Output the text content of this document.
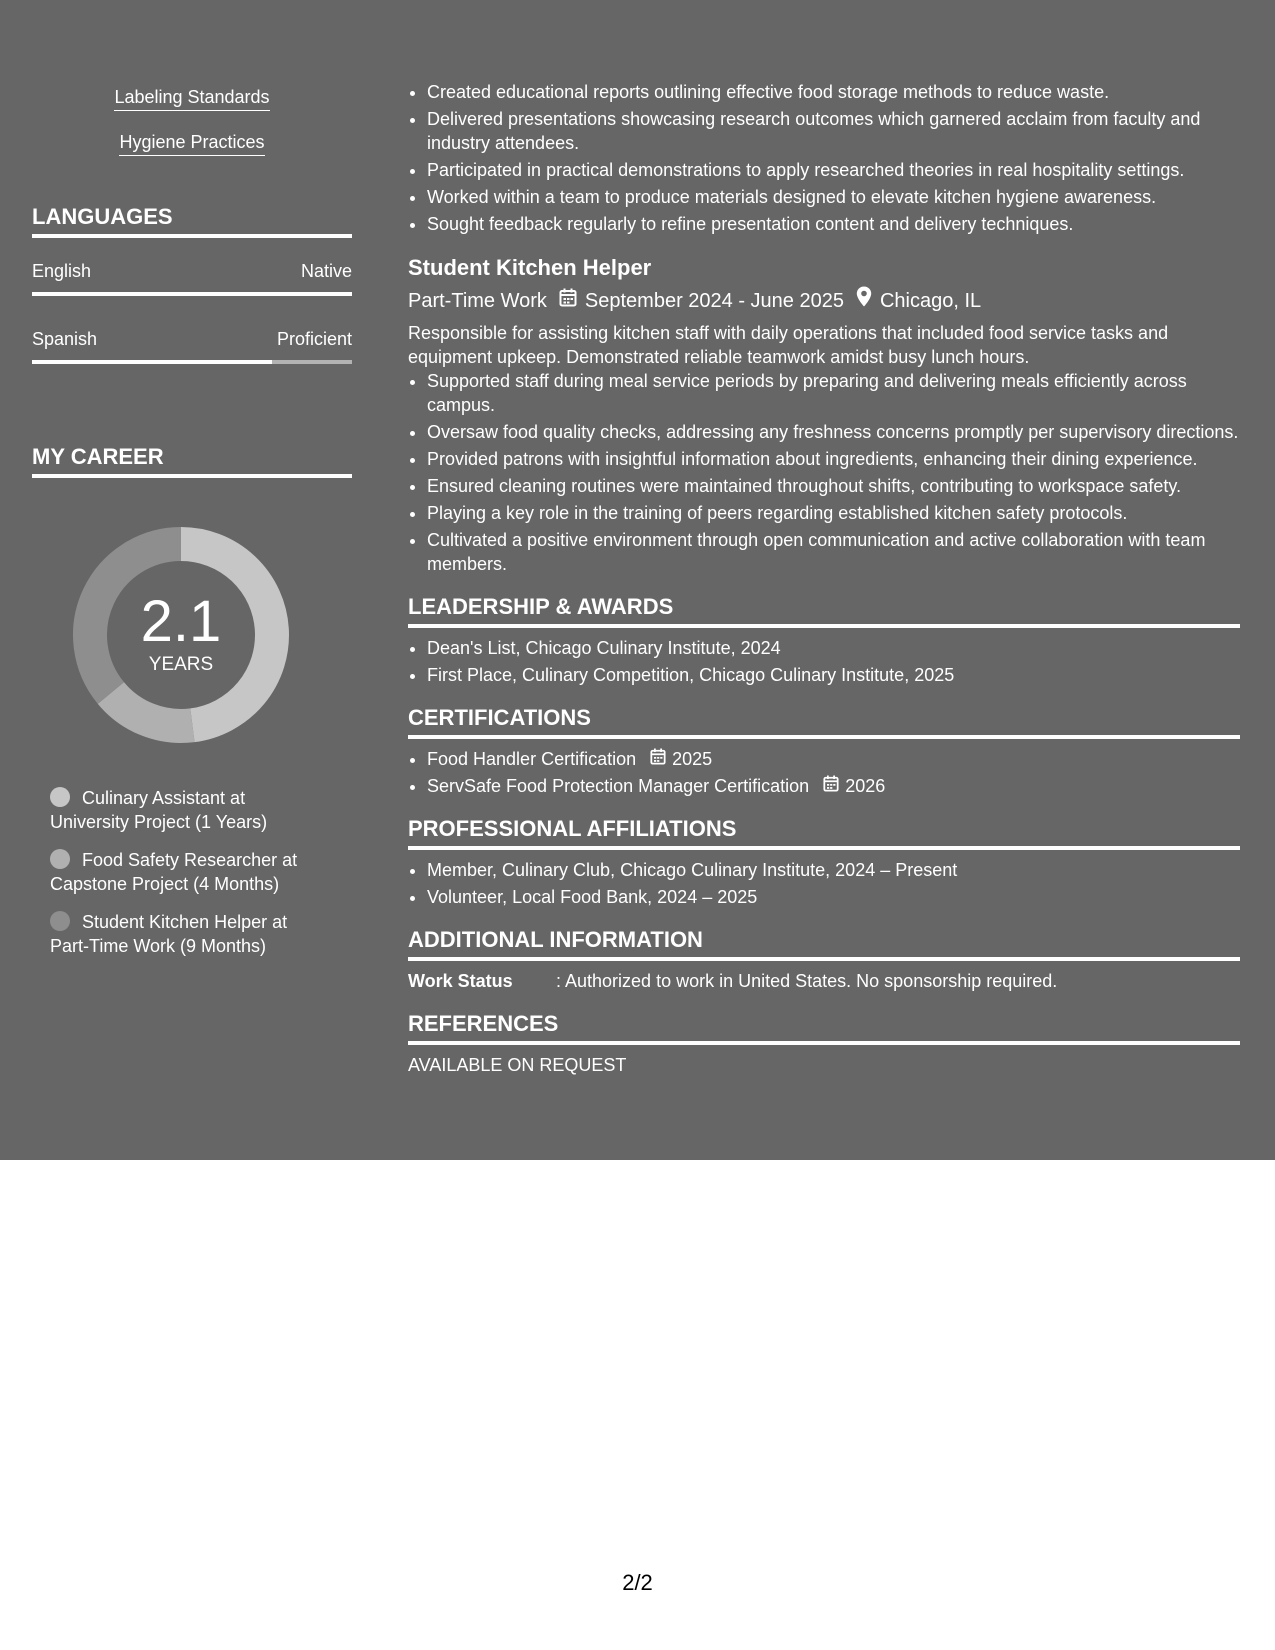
Labeling Standards
Hygiene Practices
LANGUAGES
English	Native
Spanish	Proficient
MY CAREER
2.1
YEARS
Culinary Assistant at University Project (1 Years)
Food Safety Researcher at Capstone Project (4 Months)
Student Kitchen Helper at Part-Time Work (9 Months)
• Created educational reports outlining effective food storage methods to reduce waste.
• Delivered presentations showcasing research outcomes which garnered acclaim from faculty and industry attendees.
• Participated in practical demonstrations to apply researched theories in real hospitality settings.
• Worked within a team to produce materials designed to elevate kitchen hygiene awareness.
• Sought feedback regularly to refine presentation content and delivery techniques.
Student Kitchen Helper
Part-Time Work September 2024 - June 2025 Chicago, IL
Responsible for assisting kitchen staff with daily operations that included food service tasks and equipment upkeep. Demonstrated reliable teamwork amidst busy lunch hours.
• Supported staff during meal service periods by preparing and delivering meals efficiently across campus.
• Oversaw food quality checks, addressing any freshness concerns promptly per supervisory directions.
• Provided patrons with insightful information about ingredients, enhancing their dining experience.
• Ensured cleaning routines were maintained throughout shifts, contributing to workspace safety.
• Playing a key role in the training of peers regarding established kitchen safety protocols.
• Cultivated a positive environment through open communication and active collaboration with team members.
LEADERSHIP & AWARDS
• Dean's List, Chicago Culinary Institute, 2024
• First Place, Culinary Competition, Chicago Culinary Institute, 2025
CERTIFICATIONS
• Food Handler Certification 2025
• ServSafe Food Protection Manager Certification 2026
PROFESSIONAL AFFILIATIONS
• Member, Culinary Club, Chicago Culinary Institute, 2024 – Present
• Volunteer, Local Food Bank, 2024 – 2025
ADDITIONAL INFORMATION
Work Status	: Authorized to work in United States. No sponsorship required.
REFERENCES
AVAILABLE ON REQUEST
2/2
